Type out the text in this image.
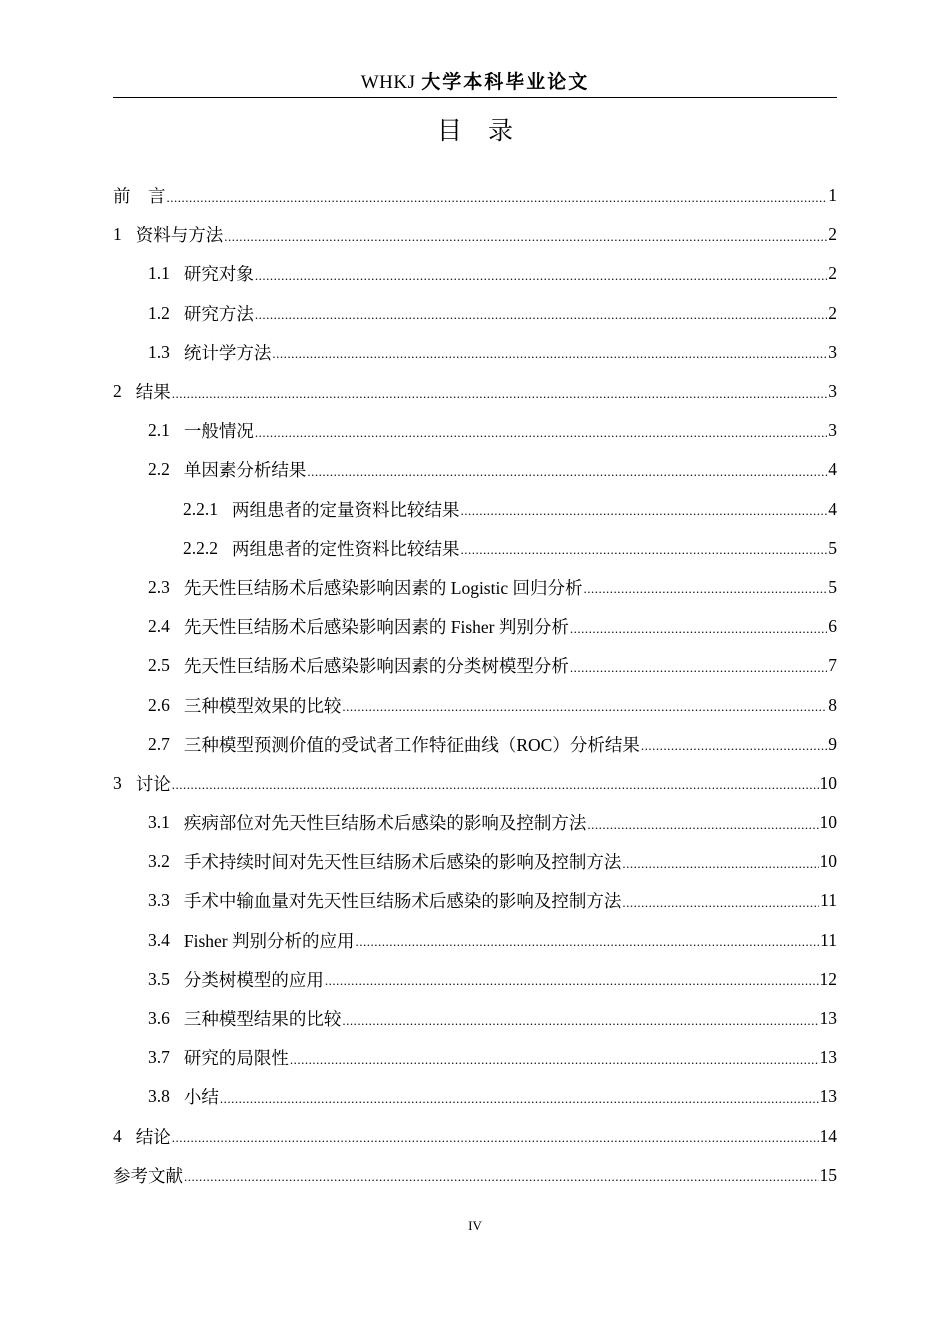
WHKJ 大学本科毕业论文
目录
前　言 .....	1
1 资料与方法 .....	2
1.1 研究对象 .....	2
1.2 研究方法 .....	2
1.3 统计学方法 .....	3
2 结果 .....	3
2.1 一般情况 .....	3
2.2 单因素分析结果 .....	4
2.2.1 两组患者的定量资料比较结果 .....	4
2.2.2 两组患者的定性资料比较结果 .....	5
2.3 先天性巨结肠术后感染影响因素的 Logistic 回归分析 .....	5
2.4 先天性巨结肠术后感染影响因素的 Fisher 判别分析 .....	6
2.5 先天性巨结肠术后感染影响因素的分类树模型分析 .....	7
2.6 三种模型效果的比较 .....	8
2.7 三种模型预测价值的受试者工作特征曲线（ROC）分析结果 .....	9
3 讨论 .....	10
3.1 疾病部位对先天性巨结肠术后感染的影响及控制方法 .....	10
3.2 手术持续时间对先天性巨结肠术后感染的影响及控制方法 .....	10
3.3 手术中输血量对先天性巨结肠术后感染的影响及控制方法 .....	11
3.4 Fisher 判别分析的应用 .....	11
3.5 分类树模型的应用 .....	12
3.6 三种模型结果的比较 .....	13
3.7 研究的局限性 .....	13
3.8 小结 .....	13
4 结论 .....	14
参考文献 .....	15
IV
